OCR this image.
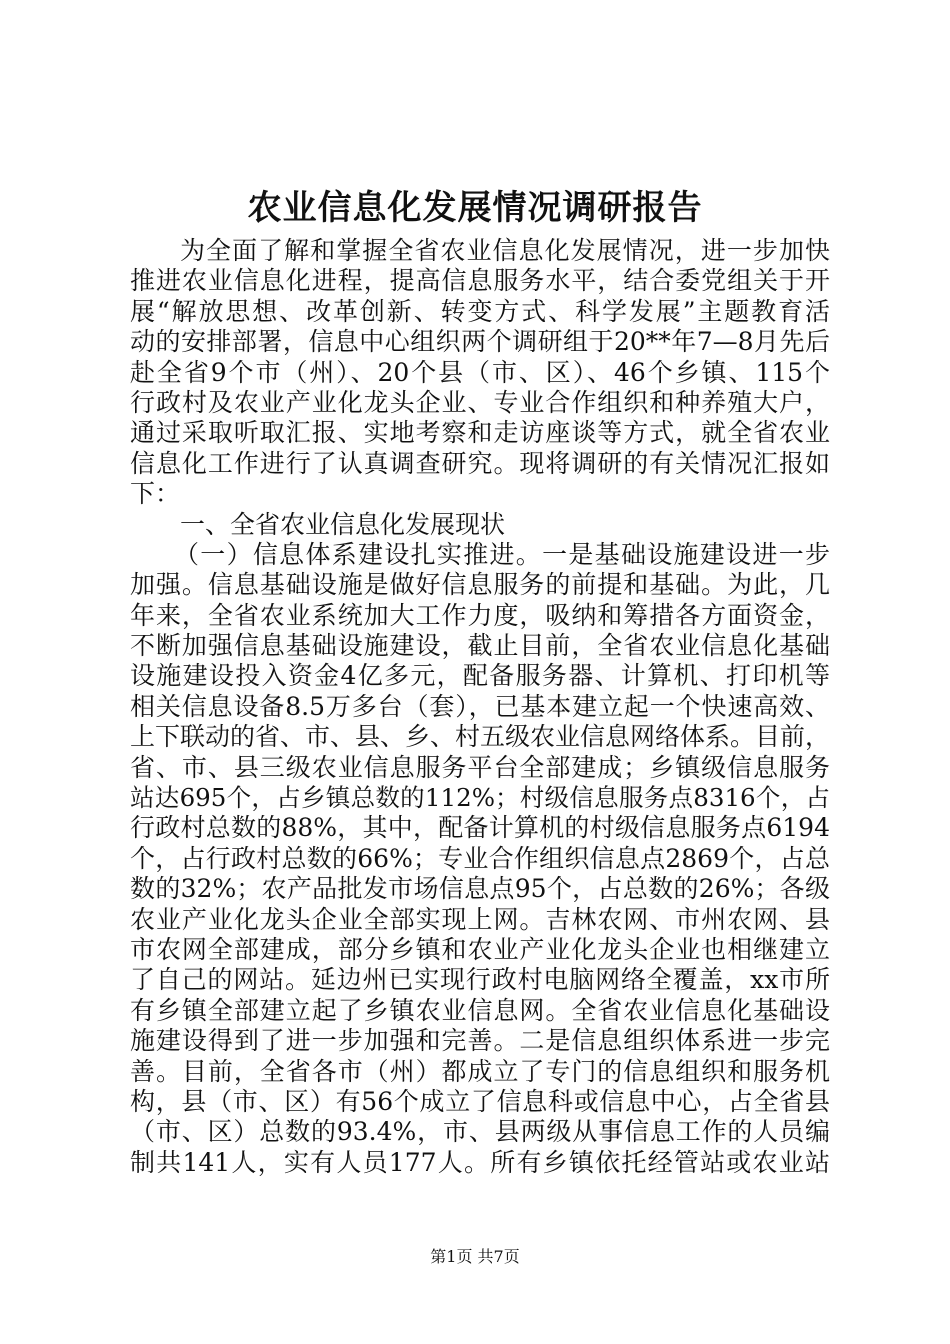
农业信息化发展情况调研报告
为全面了解和掌握全省农业信息化发展情况，进一步加快
推进农业信息化进程，提高信息服务水平，结合委党组关于开
展“解放思想、改革创新、转变方式、科学发展”主题教育活
动的安排部署，信息中心组织两个调研组于20**年7—8月先后
赴全省9个市（州）、20个县（市、区）、46个乡镇、115个
行政村及农业产业化龙头企业、专业合作组织和种养殖大户，
通过采取听取汇报、实地考察和走访座谈等方式，就全省农业
信息化工作进行了认真调查研究。现将调研的有关情况汇报如
下：
一、全省农业信息化发展现状
（一）信息体系建设扎实推进。一是基础设施建设进一步
加强。信息基础设施是做好信息服务的前提和基础。为此，几
年来，全省农业系统加大工作力度，吸纳和筹措各方面资金，
不断加强信息基础设施建设，截止目前，全省农业信息化基础
设施建设投入资金4亿多元，配备服务器、计算机、打印机等
相关信息设备8.5万多台（套），已基本建立起一个快速高效、
上下联动的省、市、县、乡、村五级农业信息网络体系。目前，
省、市、县三级农业信息服务平台全部建成；乡镇级信息服务
站达695个，占乡镇总数的112%；村级信息服务点8316个，占
行政村总数的88%，其中，配备计算机的村级信息服务点6194
个，占行政村总数的66%；专业合作组织信息点2869个，占总
数的32%；农产品批发市场信息点95个，占总数的26%；各级
农业产业化龙头企业全部实现上网。吉林农网、市州农网、县
市农网全部建成，部分乡镇和农业产业化龙头企业也相继建立
了自己的网站。延边州已实现行政村电脑网络全覆盖，xx市所
有乡镇全部建立起了乡镇农业信息网。全省农业信息化基础设
施建设得到了进一步加强和完善。二是信息组织体系进一步完
善。目前，全省各市（州）都成立了专门的信息组织和服务机
构，县（市、区）有56个成立了信息科或信息中心，占全省县
（市、区）总数的93.4%，市、县两级从事信息工作的人员编
制共141人，实有人员177人。所有乡镇依托经管站或农业站
第1页 共7页
